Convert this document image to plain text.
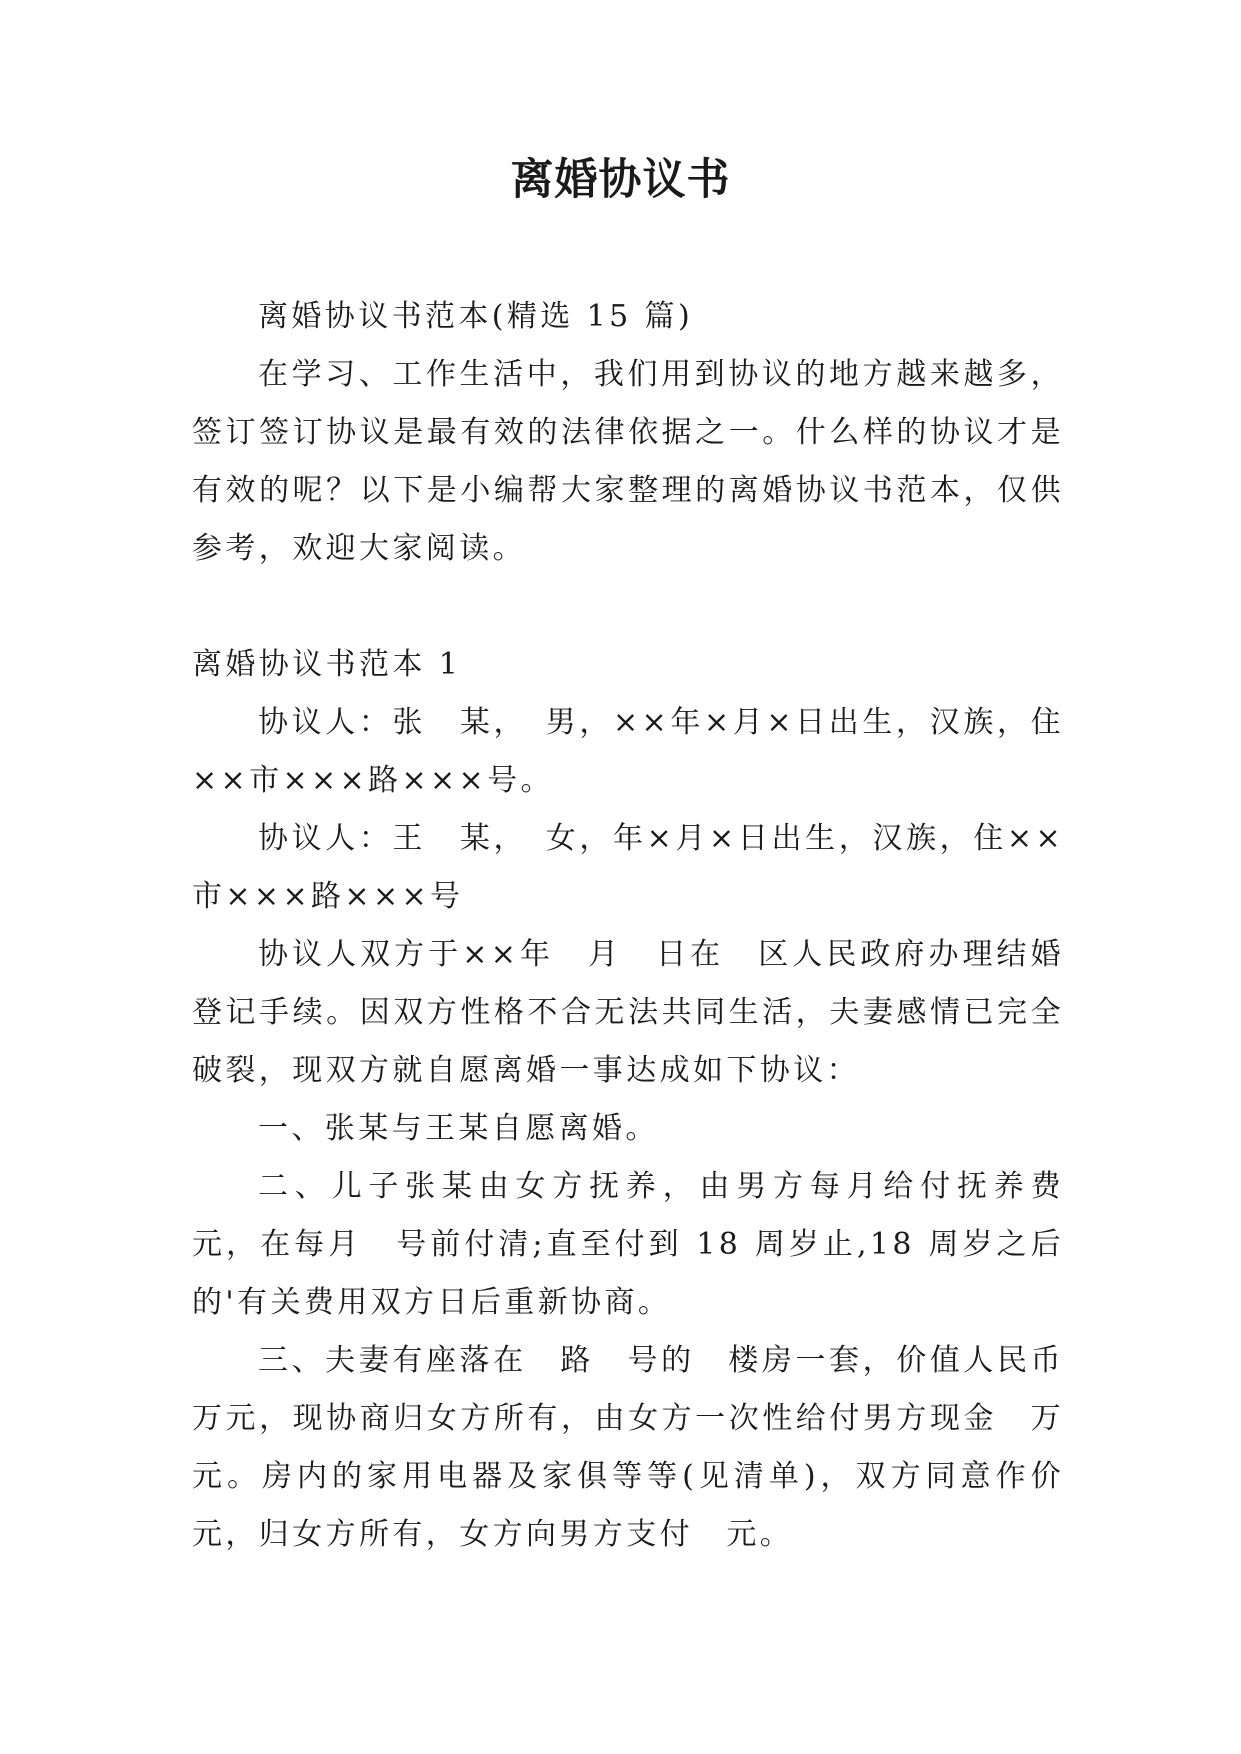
离婚协议书

离婚协议书范本(精选 15 篇)

在学习、工作生活中，我们用到协议的地方越来越多，签订签订协议是最有效的法律依据之一。什么样的协议才是有效的呢？以下是小编帮大家整理的离婚协议书范本，仅供参考，欢迎大家阅读。

离婚协议书范本 1

协议人：张　某，　男，××年×月×日出生，汉族，住××市×××路×××号。

协议人：王　某，　女，年×月×日出生，汉族，住××市×××路×××号

协议人双方于××年　月　日在　区人民政府办理结婚登记手续。因双方性格不合无法共同生活，夫妻感情已完全破裂，现双方就自愿离婚一事达成如下协议：

一、张某与王某自愿离婚。

二、儿子张某由女方抚养，由男方每月给付抚养费　元，在每月　号前付清;直至付到 18 周岁止,18 周岁之后的'有关费用双方日后重新协商。

三、夫妻有座落在　路　号的　楼房一套，价值人民币　万元，现协商归女方所有，由女方一次性给付男方现金　万元。房内的家用电器及家俱等等(见清单)，双方同意作价　元，归女方所有，女方向男方支付　元。
